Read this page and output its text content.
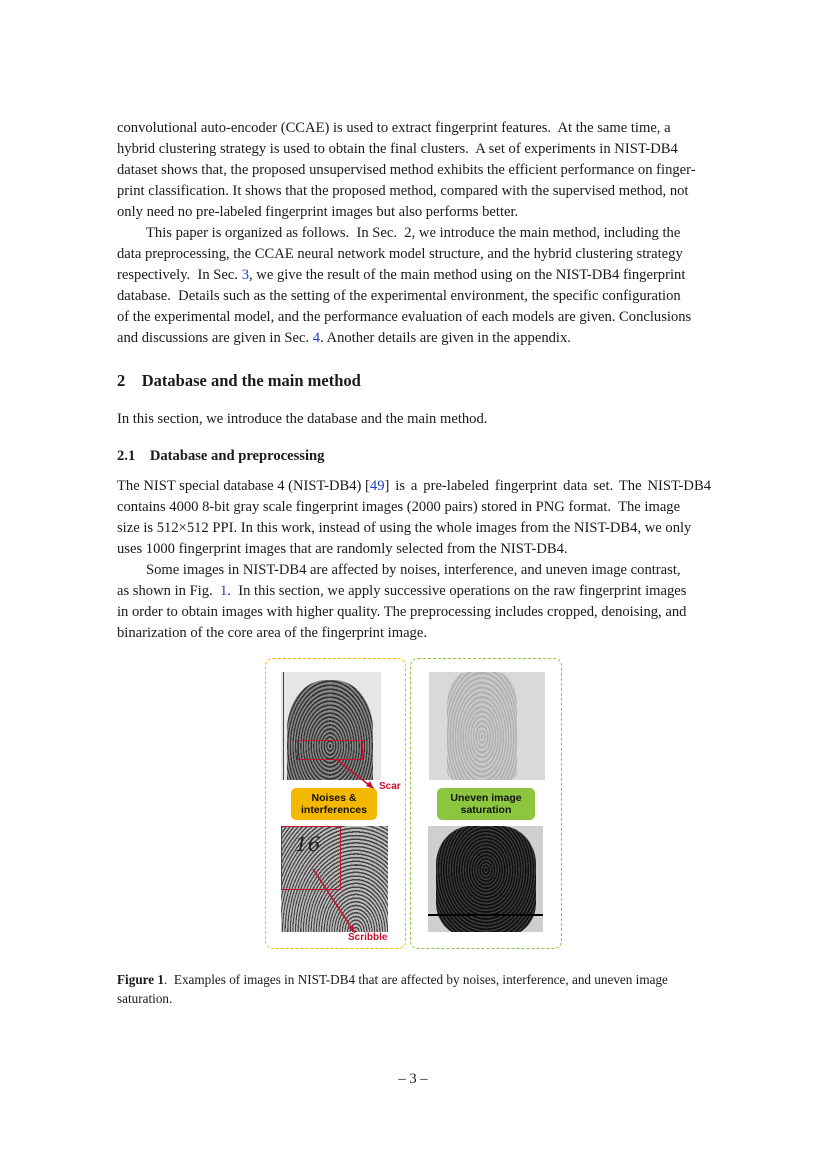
convolutional auto-encoder (CCAE) is used to extract fingerprint features.  At the same time, a
hybrid clustering strategy is used to obtain the final clusters.  A set of experiments in NIST-DB4
dataset shows that, the proposed unsupervised method exhibits the efficient performance on finger-
print classification. It shows that the proposed method, compared with the supervised method, not
only need no pre-labeled fingerprint images but also performs better.
This paper is organized as follows.  In Sec.  2, we introduce the main method, including the
data preprocessing, the CCAE neural network model structure, and the hybrid clustering strategy
respectively.  In Sec. 3 , we give the result of the main method using on the NIST-DB4 fingerprint
database.  Details such as the setting of the experimental environment, the specific configuration
of the experimental model, and the performance evaluation of each models are given. Conclusions
and discussions are given in Sec. 4 . Another details are given in the appendix.
2    Database and the main method
In this section, we introduce the database and the main method.
2.1    Database and preprocessing
The NIST special database 4 (NIST-DB4) [ 49 ] is a pre-labeled fingerprint data set. The NIST-DB4
contains 4000 8-bit gray scale fingerprint images (2000 pairs) stored in PNG format.  The image
size is 512×512 PPI. In this work, instead of using the whole images from the NIST-DB4, we only
uses 1000 fingerprint images that are randomly selected from the NIST-DB4.
Some images in NIST-DB4 are affected by noises, interference, and uneven image contrast,
as shown in Fig. 1 .  In this section, we apply successive operations on the raw fingerprint images
in order to obtain images with higher quality. The preprocessing includes cropped, denoising, and
binarization of the core area of the fingerprint image.
Scar
Noises & interferences
Uneven image saturation
16
Scribble
Figure 1.  Examples of images in NIST-DB4 that are affected by noises, interference, and uneven image
saturation.
– 3 –
